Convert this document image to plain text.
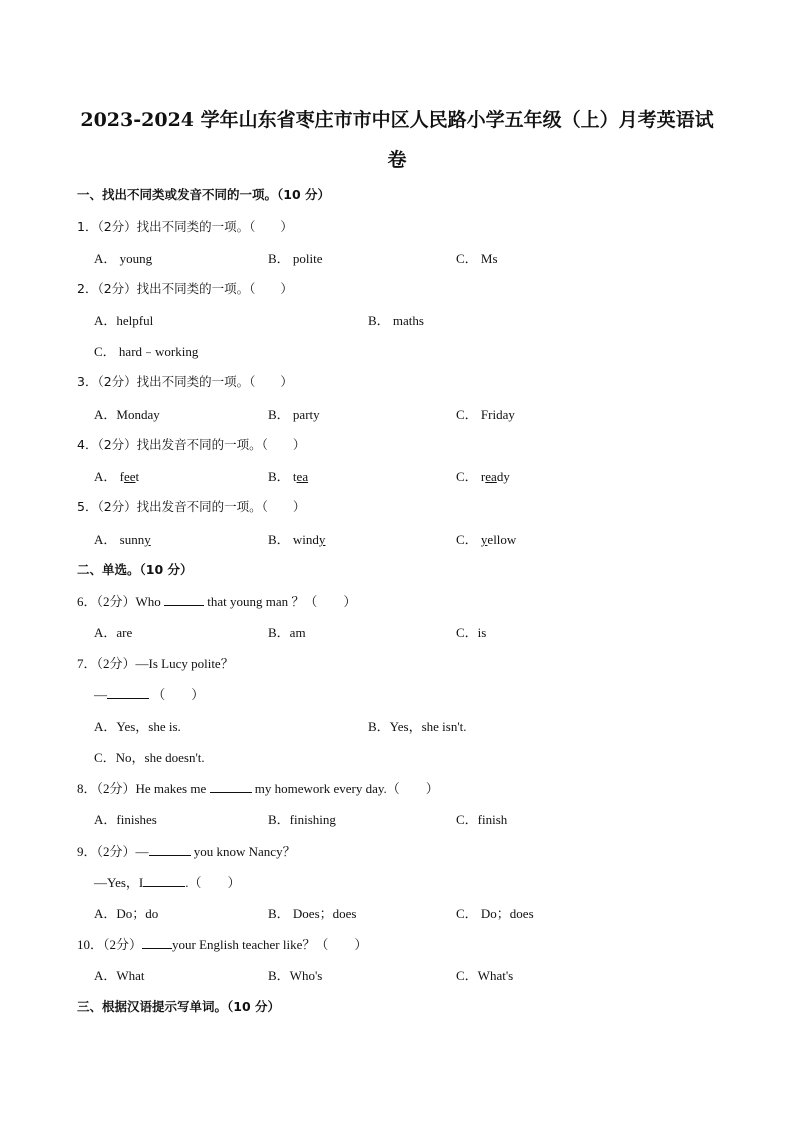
2023-2024 学年山东省枣庄市市中区人民路小学五年级（上）月考英语试
卷
一、找出不同类或发音不同的一项。（10 分）
1．（2分）找出不同类的一项。（　　）
A． young	B． polite	C． Ms
2．（2分）找出不同类的一项。（　　）
A．helpful	B． maths
C． hard﹣working
3．（2分）找出不同类的一项。（　　）
A．Monday	B． party	C． Friday
4．（2分）找出发音不同的一项。（　　）
A． feet	B． tea	C． ready
5．（2分）找出发音不同的一项。（　　）
A． sunny	B． windy	C． yellow
二、单选。（10 分）
6．（2分）Who	that young man ？（　　）
A．are	B．am	C．is
7．（2分）—Is Lucy polite？
—	（　　）
A．Yes，she is.	B．Yes，she isn't.
C．No，she doesn't.
8．（2分）He makes me	my homework every day.（　　）
A．finishes	B．finishing	C．finish
9．（2分）—	you know Nancy？
—Yes，I	.（　　）
A．Do；do	B． Does；does	C． Do；does
10．（2分） your English teacher like？（　　）
A．What	B．Who's	C．What's
三、根据汉语提示写单词。（10 分）
